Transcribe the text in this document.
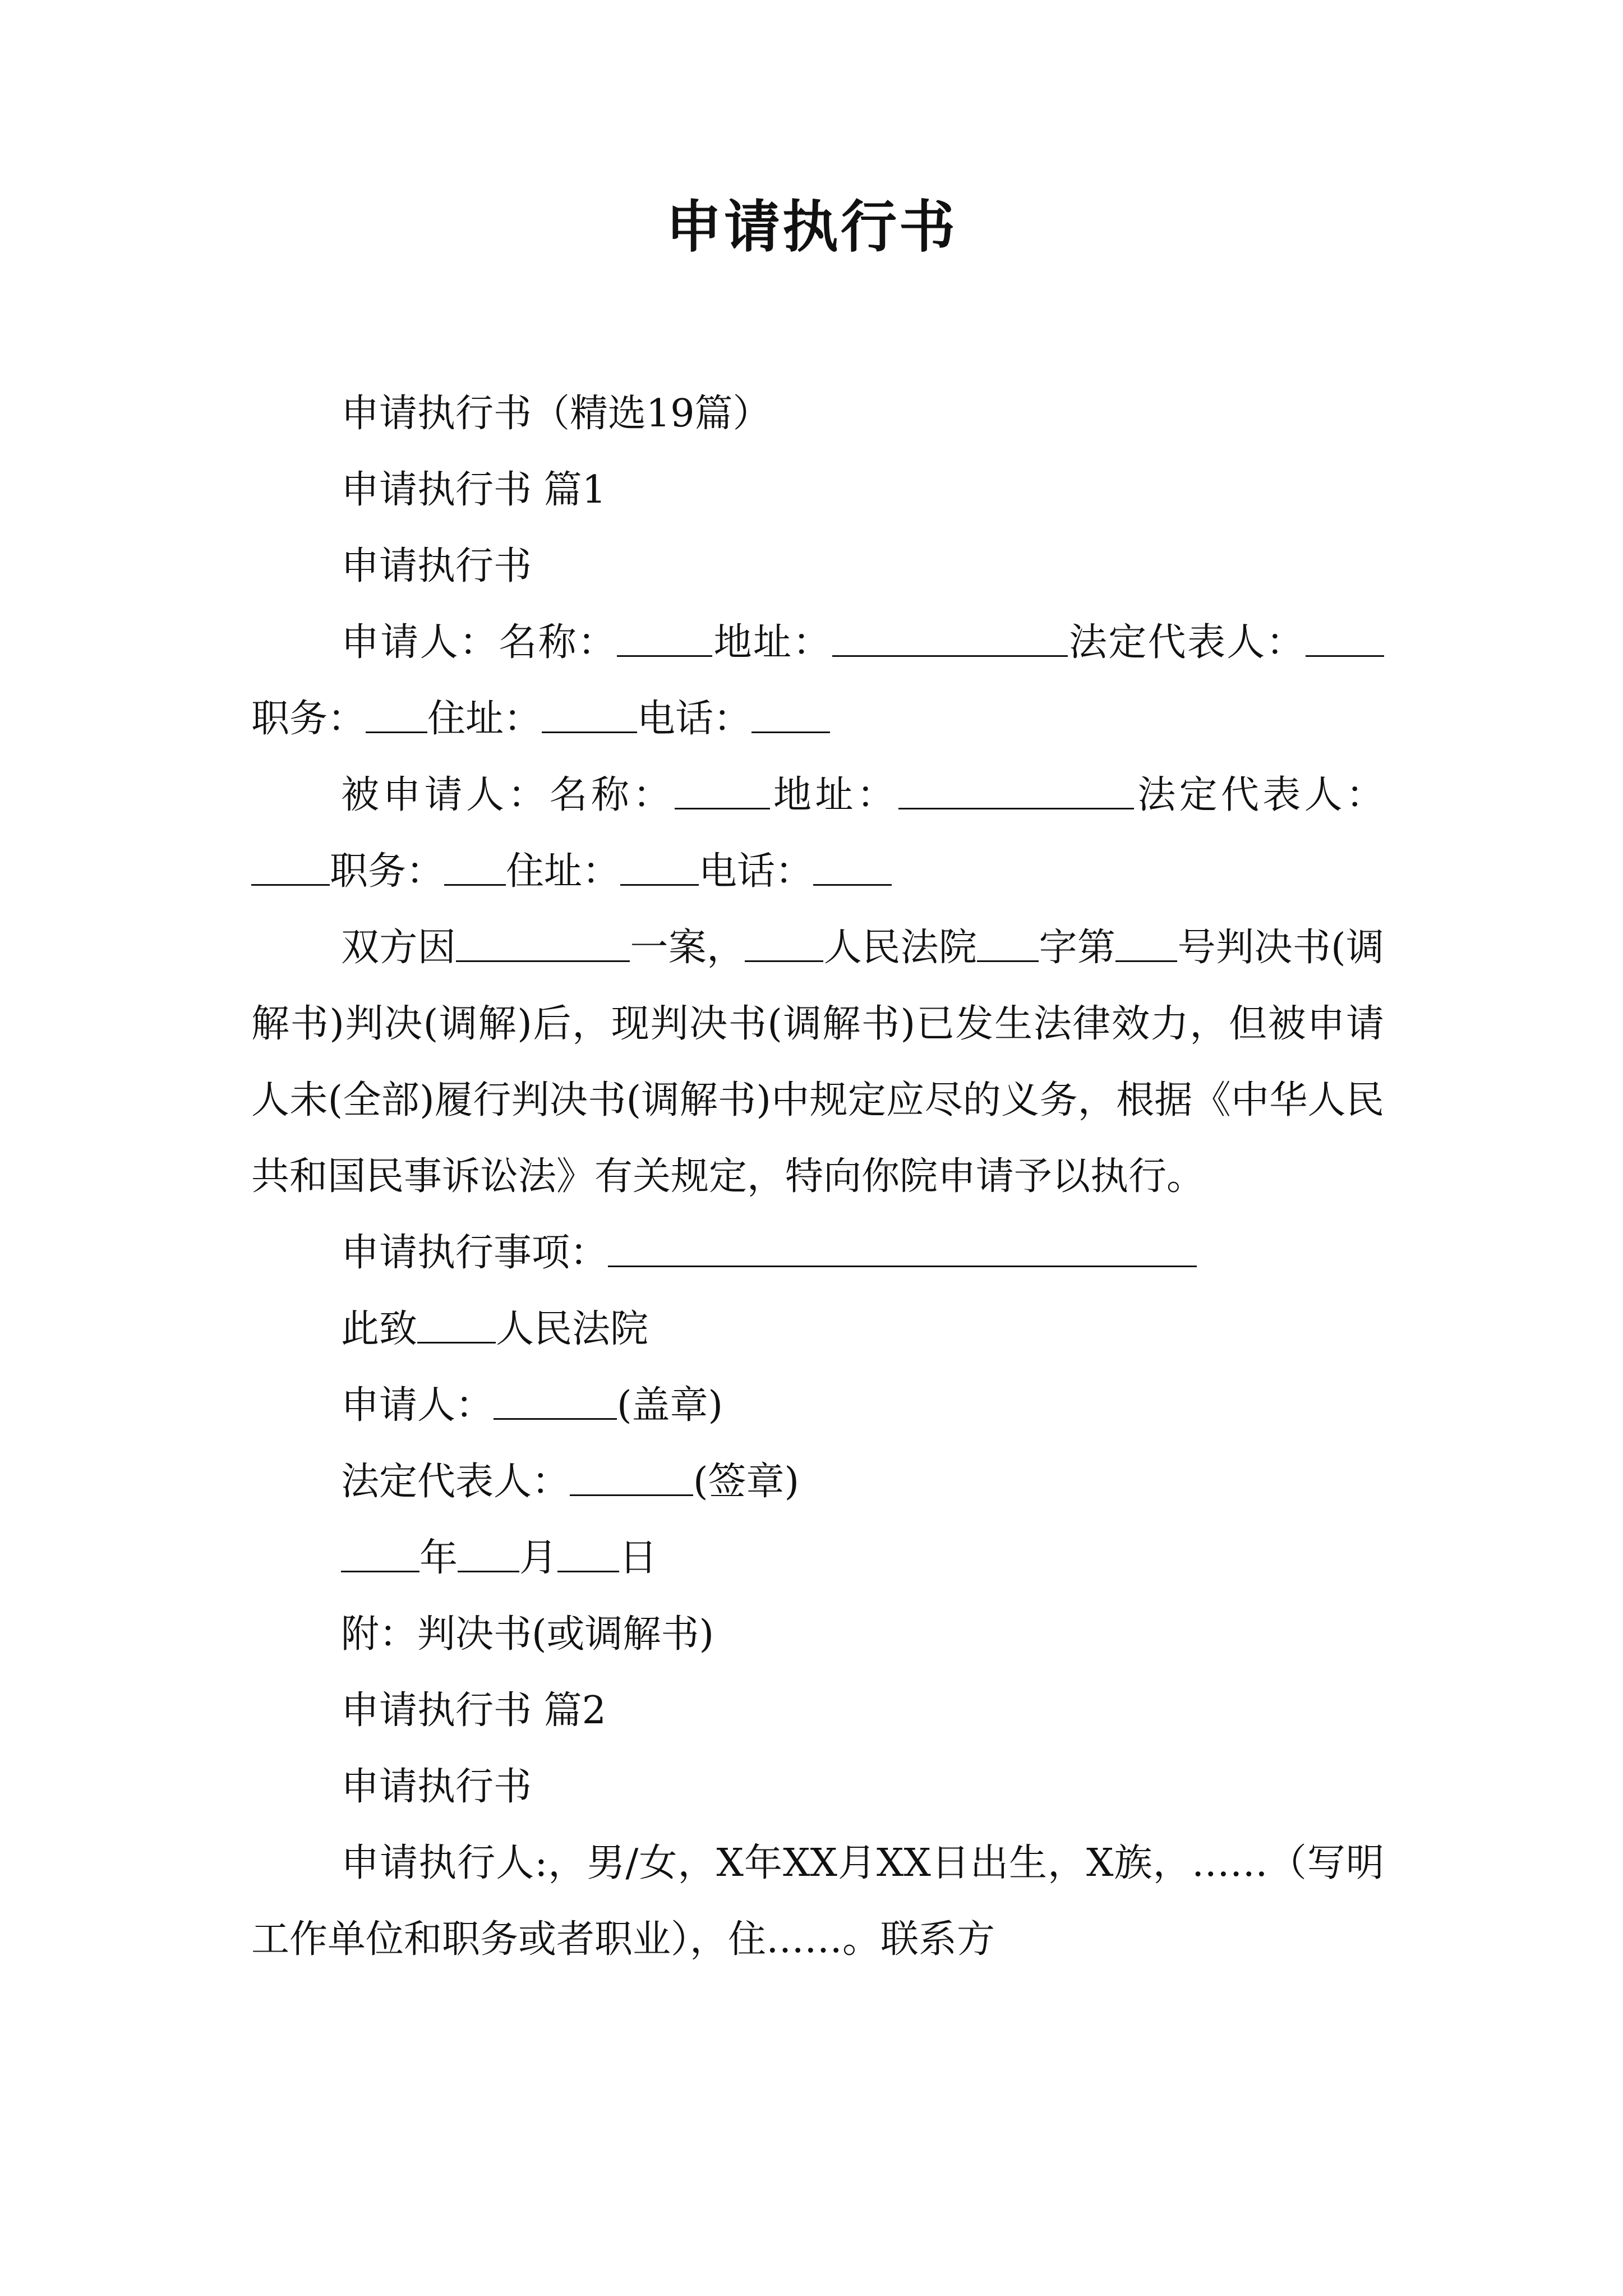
申请执行书

申请执行书（精选19篇）

申请执行书 篇1

申请执行书

申请人：名称：	地址：	法定代表人：职务： 住址：	电话：

被申请人：名称：	地址：	法定代表人：职务： 住址： 电话：

双方因	一案， 人民法院 字第 号判决书(调解书)判决(调解)后，现判决书(调解书)已发生法律效力，但被申请人未(全部)履行判决书(调解书)中规定应尽的义务，根据《中华人民共和国民事诉讼法》有关规定，特向你院申请予以执行。

申请执行事项：

此致 人民法院

申请人：	(盖章)

法定代表人：	(签章)

年 月 日

附：判决书(或调解书)

申请执行书 篇2

申请执行书

申请执行人:，男/女，X年XX月XX日出生，X族，……（写明工作单位和职务或者职业），住……。联系方
